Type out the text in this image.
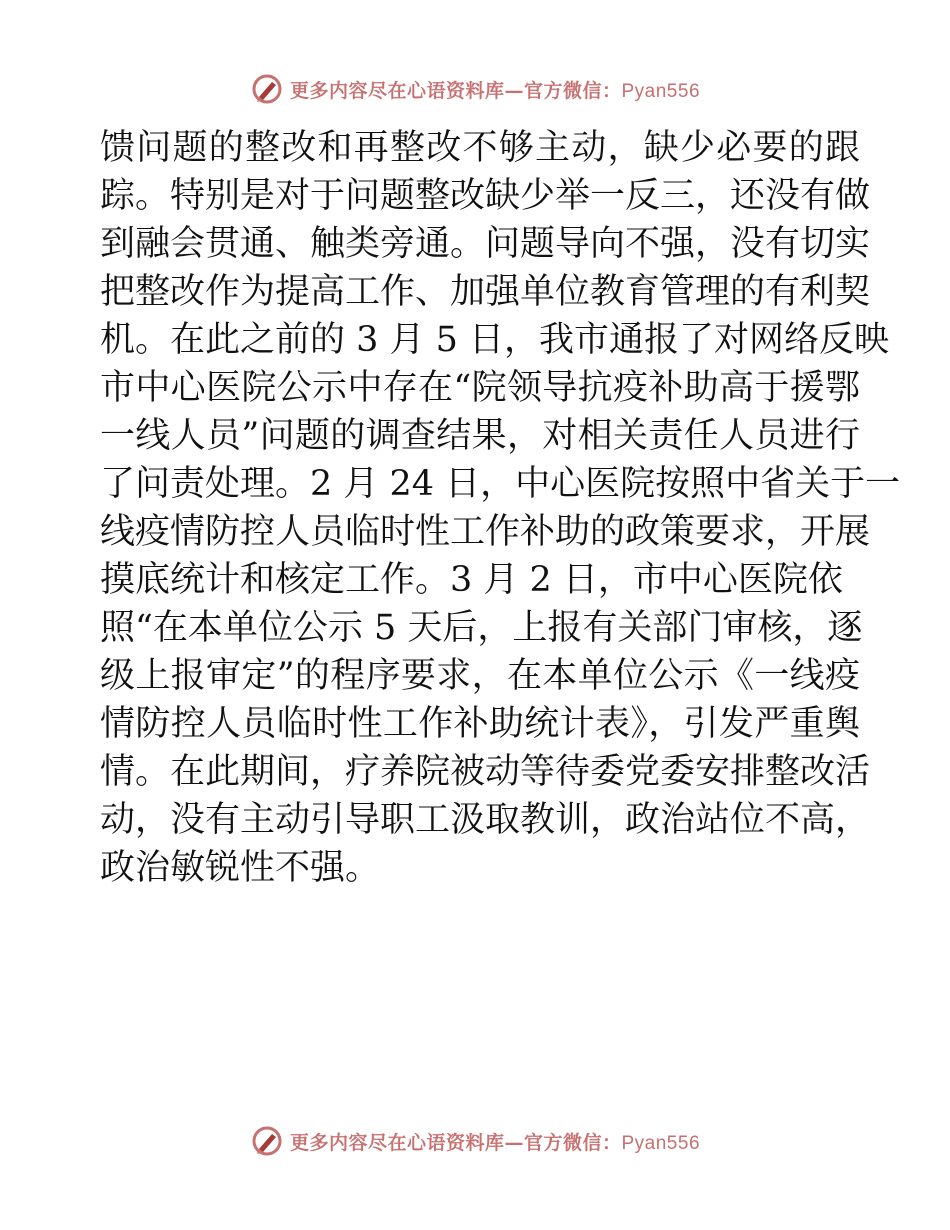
更多内容尽在心语资料库—官方微信：Pyan556
馈问题的整改和再整改不够主动，缺少必要的跟
踪。特别是对于问题整改缺少举一反三，还没有做
到融会贯通、触类旁通。问题导向不强，没有切实
把整改作为提高工作、加强单位教育管理的有利契
机。在此之前的 3 月 5 日，我市通报了对网络反映
市中心医院公示中存在“院领导抗疫补助高于援鄂
一线人员”问题的调查结果，对相关责任人员进行
了问责处理。2 月 24 日，中心医院按照中省关于一
线疫情防控人员临时性工作补助的政策要求，开展
摸底统计和核定工作。3 月 2 日，市中心医院依
照“在本单位公示 5 天后，上报有关部门审核，逐
级上报审定”的程序要求，在本单位公示《一线疫
情防控人员临时性工作补助统计表》，引发严重舆
情。在此期间，疗养院被动等待委党委安排整改活
动，没有主动引导职工汲取教训，政治站位不高，
政治敏锐性不强。
更多内容尽在心语资料库—官方微信：Pyan556
